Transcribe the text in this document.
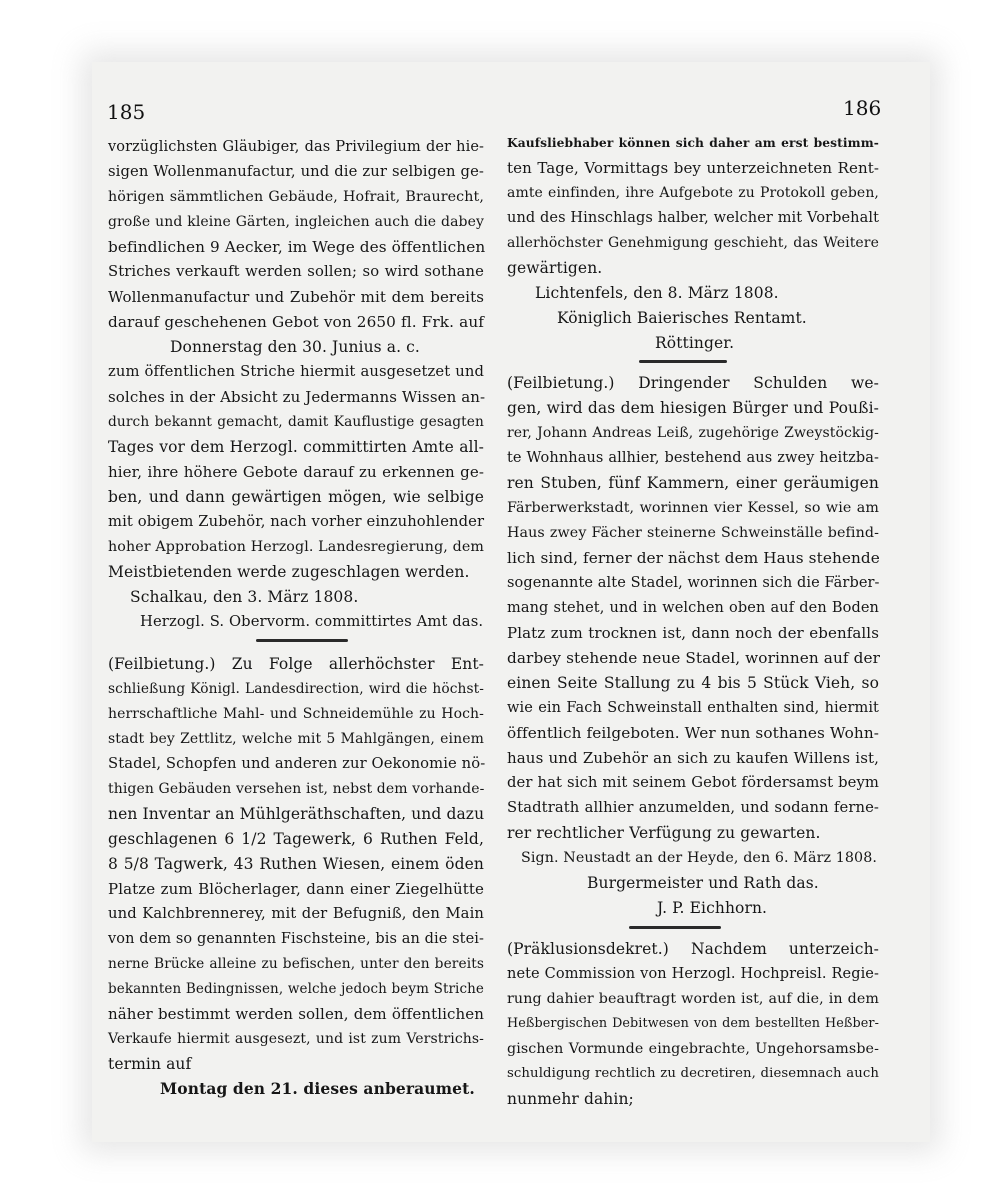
185	186
vorzüglichsten Gläubiger, das Privilegium der hie-
sigen Wollenmanufactur, und die zur selbigen ge-
hörigen sämmtlichen Gebäude, Hofrait, Braurecht,
große und kleine Gärten, ingleichen auch die dabey
befindlichen 9 Aecker, im Wege des öffentlichen
Striches verkauft werden sollen; so wird sothane
Wollenmanufactur und Zubehör mit dem bereits
darauf geschehenen Gebot von 2650 fl. Frk. auf
Donnerstag den 30. Junius a. c.
zum öffentlichen Striche hiermit ausgesetzet und
solches in der Absicht zu Jedermanns Wissen an-
durch bekannt gemacht, damit Kauflustige gesagten
Tages vor dem Herzogl. committirten Amte all-
hier, ihre höhere Gebote darauf zu erkennen ge-
ben, und dann gewärtigen mögen, wie selbige
mit obigem Zubehör, nach vorher einzuhohlender
hoher Approbation Herzogl. Landesregierung, dem
Meistbietenden werde zugeschlagen werden.
Schalkau, den 3. März 1808.
Herzogl. S. Obervorm. committirtes Amt das.
(Feilbietung.) Zu Folge allerhöchster Ent-
schließung Königl. Landesdirection, wird die höchst-
herrschaftliche Mahl- und Schneidemühle zu Hoch-
stadt bey Zettlitz, welche mit 5 Mahlgängen, einem
Stadel, Schopfen und anderen zur Oekonomie nö-
thigen Gebäuden versehen ist, nebst dem vorhande-
nen Inventar an Mühlgeräthschaften, und dazu
geschlagenen 6 1/2 Tagewerk, 6 Ruthen Feld,
8 5/8 Tagwerk, 43 Ruthen Wiesen, einem öden
Platze zum Blöcherlager, dann einer Ziegelhütte
und Kalchbrennerey, mit der Befugniß, den Main
von dem so genannten Fischsteine, bis an die stei-
nerne Brücke alleine zu befischen, unter den bereits
bekannten Bedingnissen, welche jedoch beym Striche
näher bestimmt werden sollen, dem öffentlichen
Verkaufe hiermit ausgesezt, und ist zum Verstrichs-
termin auf
Montag den 21. dieses anberaumet.
Kaufsliebhaber können sich daher am erst bestimm-
ten Tage, Vormittags bey unterzeichneten Rent-
amte einfinden, ihre Aufgebote zu Protokoll geben,
und des Hinschlags halber, welcher mit Vorbehalt
allerhöchster Genehmigung geschieht, das Weitere
gewärtigen.
Lichtenfels, den 8. März 1808.
Königlich Baierisches Rentamt.
Röttinger.
(Feilbietung.) Dringender Schulden we-
gen, wird das dem hiesigen Bürger und Poußi-
rer, Johann Andreas Leiß, zugehörige Zweystöckig-
te Wohnhaus allhier, bestehend aus zwey heitzba-
ren Stuben, fünf Kammern, einer geräumigen
Färberwerkstadt, worinnen vier Kessel, so wie am
Haus zwey Fächer steinerne Schweinställe befind-
lich sind, ferner der nächst dem Haus stehende
sogenannte alte Stadel, worinnen sich die Färber-
mang stehet, und in welchen oben auf den Boden
Platz zum trocknen ist, dann noch der ebenfalls
darbey stehende neue Stadel, worinnen auf der
einen Seite Stallung zu 4 bis 5 Stück Vieh, so
wie ein Fach Schweinstall enthalten sind, hiermit
öffentlich feilgeboten. Wer nun sothanes Wohn-
haus und Zubehör an sich zu kaufen Willens ist,
der hat sich mit seinem Gebot fördersamst beym
Stadtrath allhier anzumelden, und sodann ferne-
rer rechtlicher Verfügung zu gewarten.
Sign. Neustadt an der Heyde, den 6. März 1808.
Burgermeister und Rath das.
J. P. Eichhorn.
(Präklusionsdekret.) Nachdem unterzeich-
nete Commission von Herzogl. Hochpreisl. Regie-
rung dahier beauftragt worden ist, auf die, in dem
Heßbergischen Debitwesen von dem bestellten Heßber-
gischen Vormunde eingebrachte, Ungehorsamsbe-
schuldigung rechtlich zu decretiren, diesemnach auch
nunmehr dahin;
